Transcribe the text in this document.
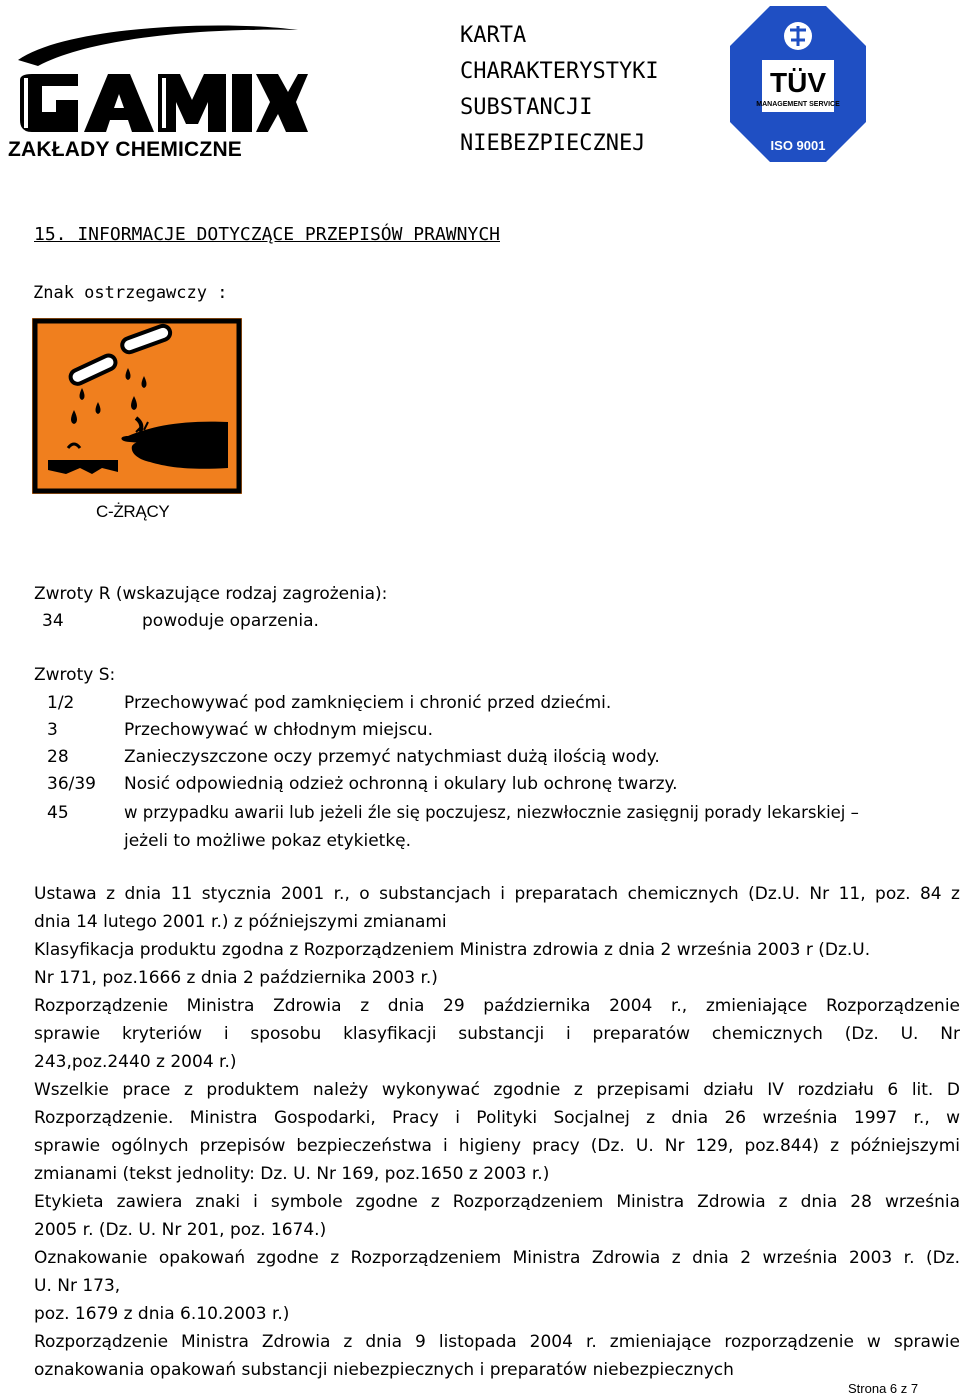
ZAKŁADY CHEMICZNE
KARTA
CHARAKTERYSTYKI
SUBSTANCJI
NIEBEZPIECZNEJ
TÜV
MANAGEMENT SERVICE
ISO 9001
15. INFORMACJE DOTYCZĄCE PRZEPISÓW PRAWNYCH
Znak ostrzegawczy :
C-ŻRĄCY
Zwroty R (wskazujące rodzaj zagrożenia):
34	powoduje oparzenia.
Zwroty S:
1/2	Przechowywać pod zamknięciem i chronić przed dziećmi.
3	Przechowywać w chłodnym miejscu.
28	Zanieczyszczone oczy przemyć natychmiast dużą ilością wody.
36/39 Nosić odpowiednią odzież ochronną i okulary lub ochronę twarzy.
45	w przypadku awarii lub jeżeli źle się poczujesz, niezwłocznie zasięgnij porady lekarskiej –
jeżeli to możliwe pokaz etykietkę.

Ustawa z dnia 11 stycznia 2001 r., o substancjach i preparatach chemicznych (Dz.U. Nr 11, poz. 84 z

dnia 14 lutego 2001 r.) z późniejszymi zmianami

Klasyfikacja produktu zgodna z Rozporządzeniem Ministra zdrowia z dnia 2 września 2003 r (Dz.U.

Nr 171, poz.1666 z dnia 2 października 2003 r.)

Rozporządzenie Ministra Zdrowia z dnia 29 października 2004 r., zmieniające Rozporządzenie

sprawie kryteriów i sposobu klasyfikacji substancji i preparatów chemicznych (Dz. U. Nr

243,poz.2440 z 2004 r.)

Wszelkie prace z produktem należy wykonywać zgodnie z przepisami działu IV rozdziału 6 lit. D

Rozporządzenie. Ministra Gospodarki, Pracy i Polityki Socjalnej z dnia 26 września 1997 r., w

sprawie ogólnych przepisów bezpieczeństwa i higieny pracy (Dz. U. Nr 129, poz.844) z późniejszymi

zmianami (tekst jednolity: Dz. U. Nr 169, poz.1650 z 2003 r.)

Etykieta zawiera znaki i symbole zgodne z Rozporządzeniem Ministra Zdrowia z dnia 28 września

2005 r. (Dz. U. Nr 201, poz. 1674.)

Oznakowanie opakowań zgodne z Rozporządzeniem Ministra Zdrowia z dnia 2 września 2003 r. (Dz.

U. Nr 173,

poz. 1679 z dnia 6.10.2003 r.)

Rozporządzenie Ministra Zdrowia z dnia 9 listopada 2004 r. zmieniające rozporządzenie w sprawie

oznakowania opakowań substancji niebezpiecznych i preparatów niebezpiecznych

Strona 6 z 7
